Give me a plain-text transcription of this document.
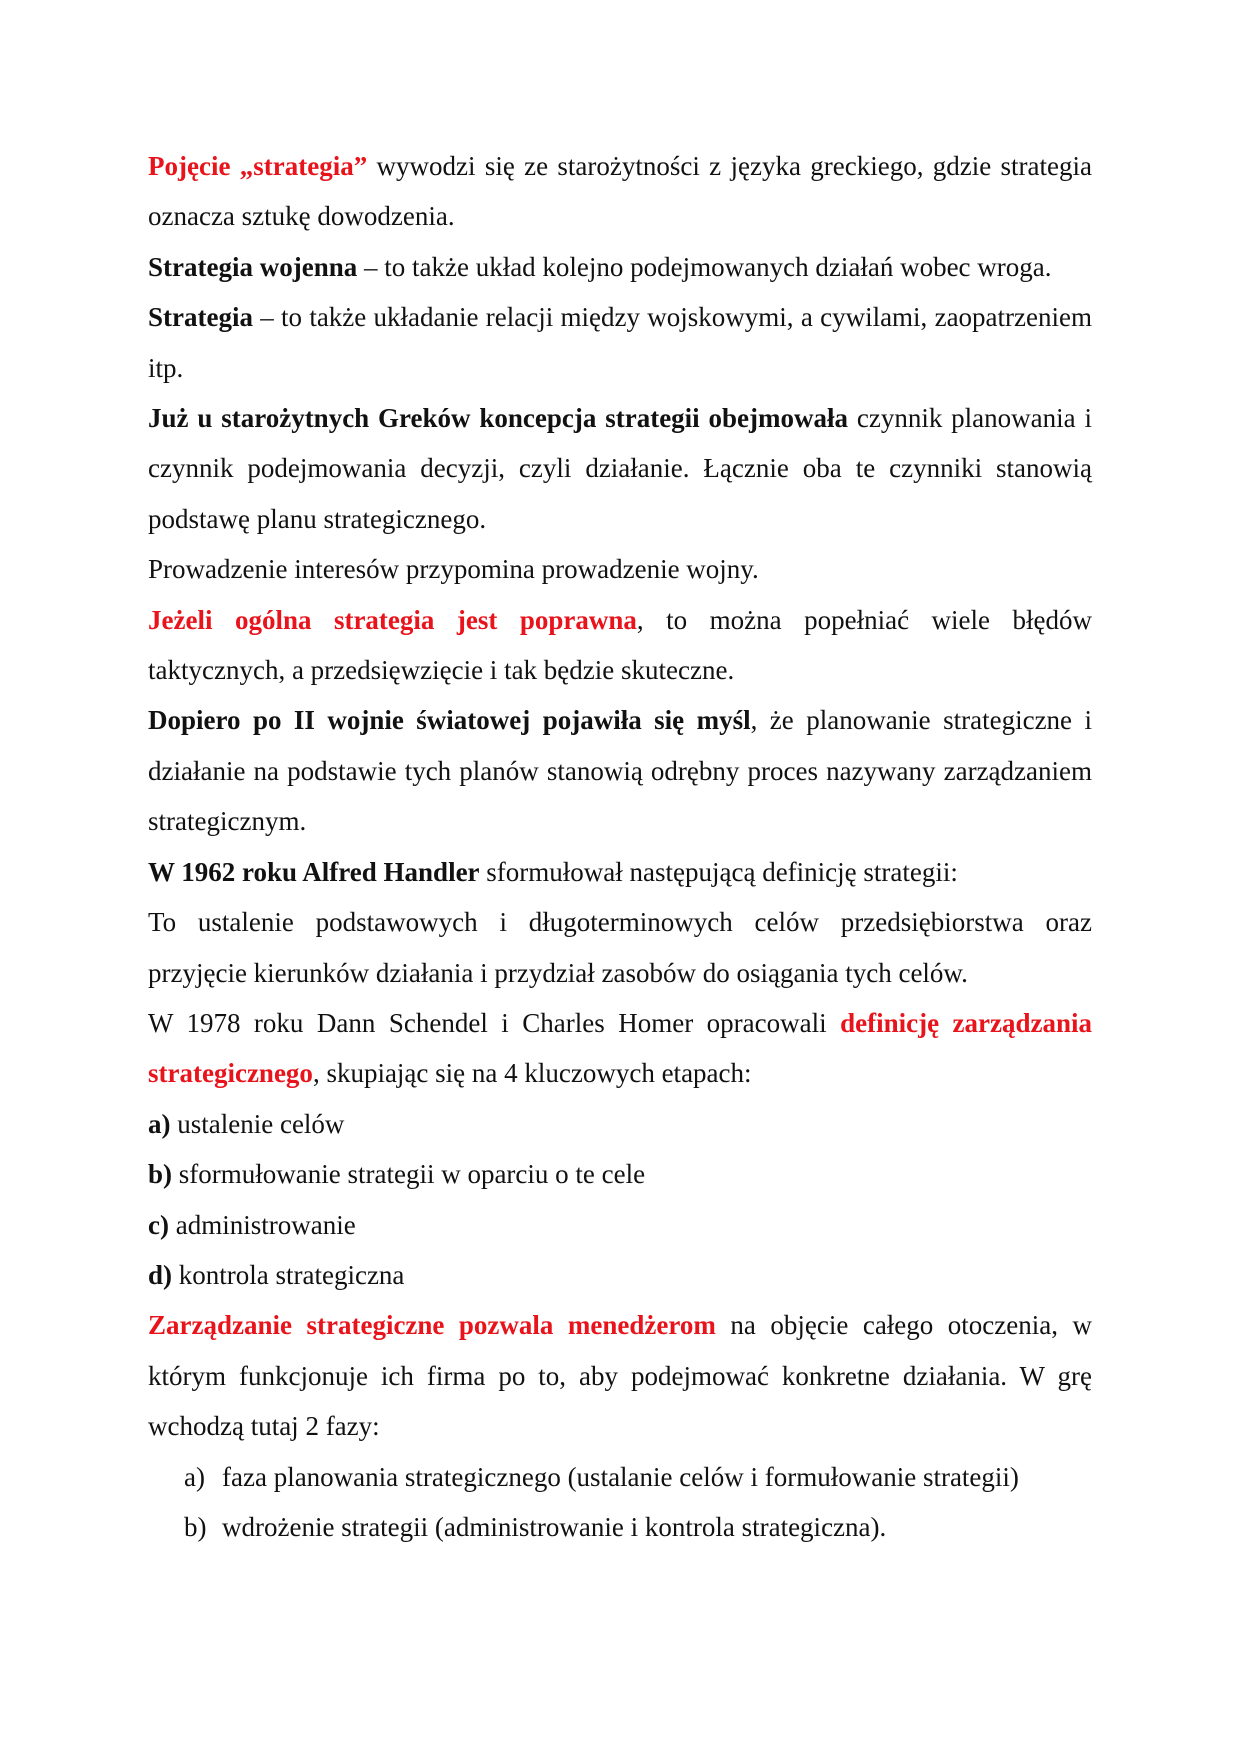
Pojęcie „strategia” wywodzi się ze starożytności z języka greckiego, gdzie strategia oznacza sztukę dowodzenia.

Strategia wojenna – to także układ kolejno podejmowanych działań wobec wroga.

Strategia – to także układanie relacji między wojskowymi, a cywilami, zaopatrzeniem itp.

Już u starożytnych Greków koncepcja strategii obejmowała czynnik planowania i czynnik podejmowania decyzji, czyli działanie. Łącznie oba te czynniki stanowią podstawę planu strategicznego.

Prowadzenie interesów przypomina prowadzenie wojny.

Jeżeli ogólna strategia jest poprawna, to można popełniać wiele błędów taktycznych, a przedsięwzięcie i tak będzie skuteczne.

Dopiero po II wojnie światowej pojawiła się myśl, że planowanie strategiczne i działanie na podstawie tych planów stanowią odrębny proces nazywany zarządzaniem strategicznym.

W 1962 roku Alfred Handler sformułował następującą definicję strategii:

To ustalenie podstawowych i długoterminowych celów przedsiębiorstwa oraz przyjęcie kierunków działania i przydział zasobów do osiągania tych celów.

W 1978 roku Dann Schendel i Charles Homer opracowali definicję zarządzania strategicznego, skupiając się na 4 kluczowych etapach:

a) ustalenie celów
b) sformułowanie strategii w oparciu o te cele
c) administrowanie
d) kontrola strategiczna

Zarządzanie strategiczne pozwala menedżerom na objęcie całego otoczenia, w którym funkcjonuje ich firma po to, aby podejmować konkretne działania. W grę wchodzą tutaj 2 fazy:

a) faza planowania strategicznego (ustalanie celów i formułowanie strategii)
b) wdrożenie strategii (administrowanie i kontrola strategiczna).
